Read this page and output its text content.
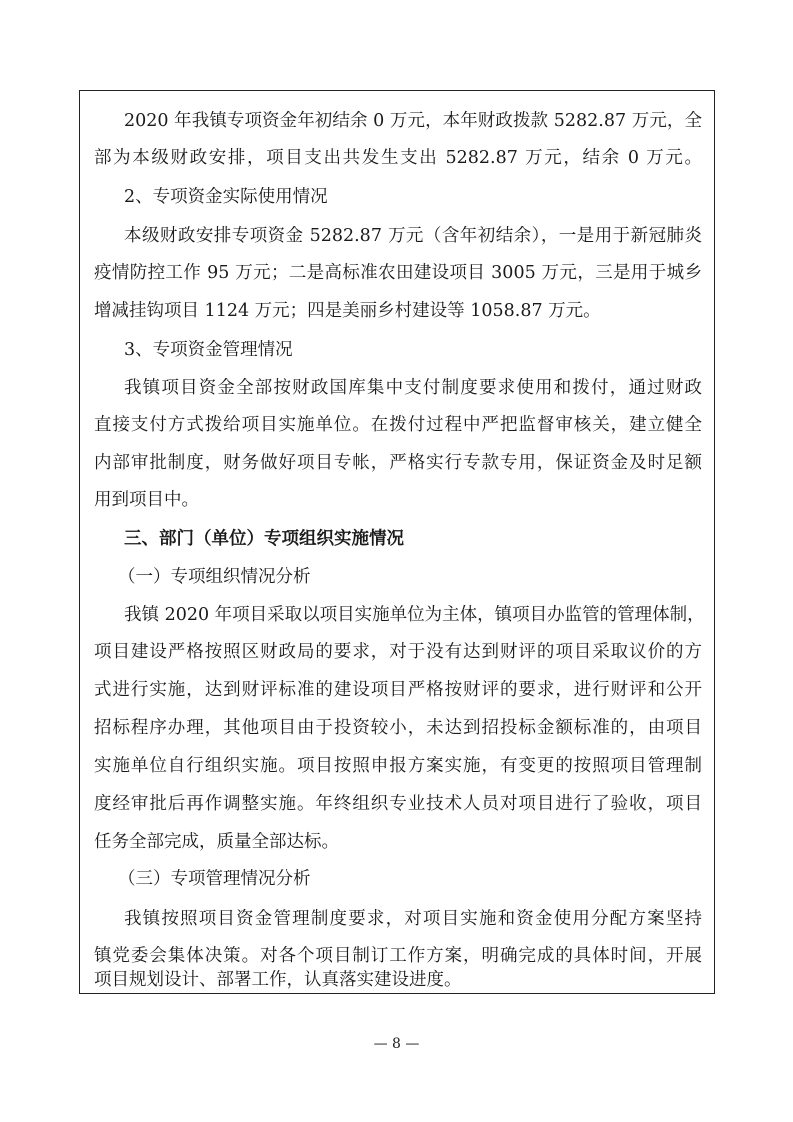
2020 年我镇专项资金年初结余 0 万元，本年财政拨款 5282.87 万元，全
部为本级财政安排，项目支出共发生支出 5282.87 万元，结余 0 万元。
2、专项资金实际使用情况
本级财政安排专项资金 5282.87 万元（含年初结余），一是用于新冠肺炎
疫情防控工作 95 万元；二是高标准农田建设项目 3005 万元，三是用于城乡
增减挂钩项目 1124 万元；四是美丽乡村建设等 1058.87 万元。
3、专项资金管理情况
我镇项目资金全部按财政国库集中支付制度要求使用和拨付，通过财政
直接支付方式拨给项目实施单位。在拨付过程中严把监督审核关，建立健全
内部审批制度，财务做好项目专帐，严格实行专款专用，保证资金及时足额
用到项目中。
三、部门（单位）专项组织实施情况
（一）专项组织情况分析
我镇 2020 年项目采取以项目实施单位为主体，镇项目办监管的管理体制，
项目建设严格按照区财政局的要求，对于没有达到财评的项目采取议价的方
式进行实施，达到财评标准的建设项目严格按财评的要求，进行财评和公开
招标程序办理，其他项目由于投资较小，未达到招投标金额标准的，由项目
实施单位自行组织实施。项目按照申报方案实施，有变更的按照项目管理制
度经审批后再作调整实施。年终组织专业技术人员对项目进行了验收，项目
任务全部完成，质量全部达标。
（三）专项管理情况分析
我镇按照项目资金管理制度要求，对项目实施和资金使用分配方案坚持
镇党委会集体决策。对各个项目制订工作方案，明确完成的具体时间，开展
项目规划设计、部署工作，认真落实建设进度。
— 8 —
